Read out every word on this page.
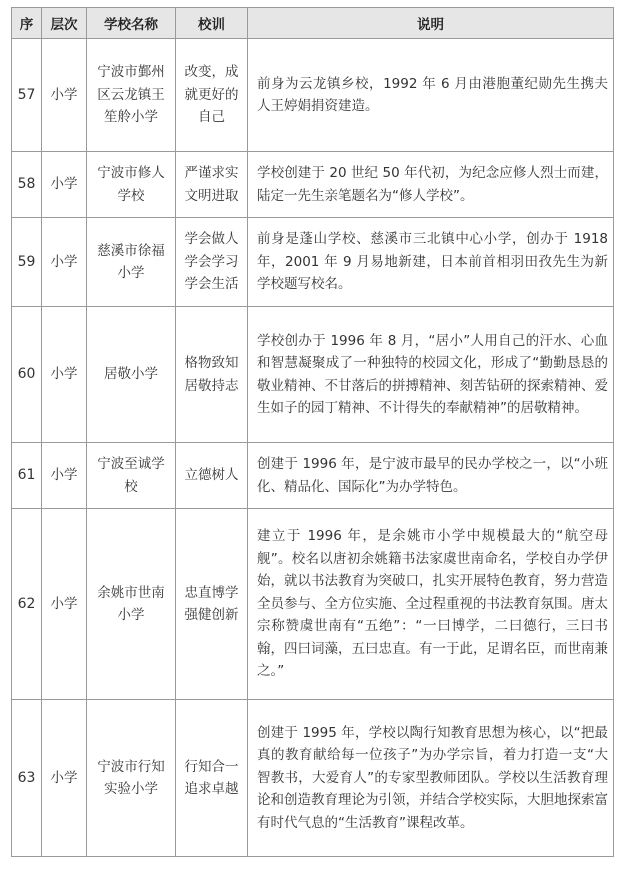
序	层次	学校名称	校训	说明
57	小学	宁波市鄞州区云龙镇王笙舲小学	改变，成就更好的自己	前身为云龙镇乡校，1992 年 6 月由港胞董纪勋先生携夫人王婷娟捐资建造。
58	小学	宁波市修人学校	严谨求实文明进取	学校创建于 20 世纪 50 年代初，为纪念应修人烈士而建，陆定一先生亲笔题名为“修人学校”。
59	小学	慈溪市徐福小学	学会做人学会学习学会生活	前身是蓬山学校、慈溪市三北镇中心小学，创办于 1918 年，2001 年 9 月易地新建，日本前首相羽田孜先生为新学校题写校名。
60	小学	居敬小学	格物致知居敬持志	学校创办于 1996 年 8 月，“居小”人用自己的汗水、心血和智慧凝聚成了一种独特的校园文化，形成了“勤勤恳恳的敬业精神、不甘落后的拼搏精神、刻苦钻研的探索精神、爱生如子的园丁精神、不计得失的奉献精神”的居敬精神。
61	小学	宁波至诚学校	立德树人	创建于 1996 年，是宁波市最早的民办学校之一，以“小班化、精品化、国际化”为办学特色。
62	小学	余姚市世南小学	忠直博学强健创新	建立于 1996 年，是余姚市小学中规模最大的“航空母舰”。校名以唐初余姚籍书法家虞世南命名，学校自办学伊始，就以书法教育为突破口，扎实开展特色教育，努力营造全员参与、全方位实施、全过程重视的书法教育氛围。唐太宗称赞虞世南有“五绝”：“一曰博学，二曰德行，三曰书翰，四曰词藻，五曰忠直。有一于此，足谓名臣，而世南兼之。”
63	小学	宁波市行知实验小学	行知合一追求卓越	创建于 1995 年，学校以陶行知教育思想为核心，以“把最真的教育献给每一位孩子”为办学宗旨，着力打造一支“大智教书，大爱育人”的专家型教师团队。学校以生活教育理论和创造教育理论为引领，并结合学校实际，大胆地探索富有时代气息的“生活教育”课程改革。
